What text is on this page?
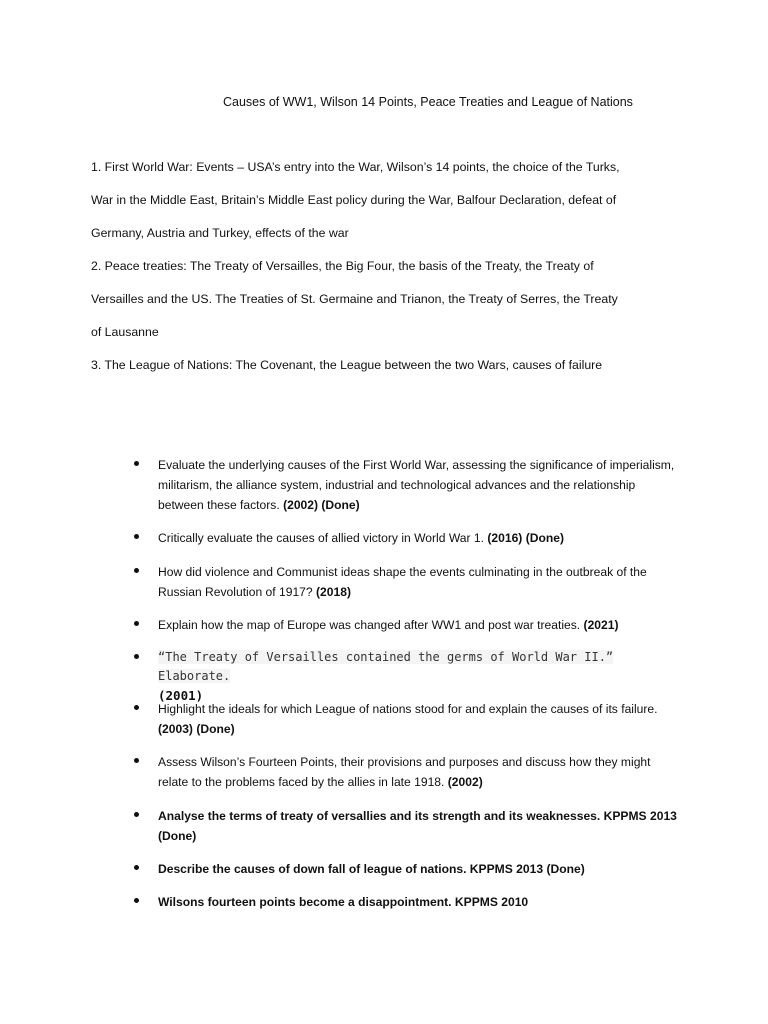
Causes of WW1, Wilson 14 Points, Peace Treaties and League of Nations
1. First World War: Events – USA’s entry into the War, Wilson’s 14 points, the choice of the Turks,
War in the Middle East, Britain’s Middle East policy during the War, Balfour Declaration, defeat of
Germany, Austria and Turkey, effects of the war
2. Peace treaties: The Treaty of Versailles, the Big Four, the basis of the Treaty, the Treaty of
Versailles and the US. The Treaties of St. Germaine and Trianon, the Treaty of Serres, the Treaty
of Lausanne
3. The League of Nations: The Covenant, the League between the two Wars, causes of failure
Evaluate the underlying causes of the First World War, assessing the significance of imperialism, militarism, the alliance system, industrial and technological advances and the relationship between these factors. (2002) (Done)
Critically evaluate the causes of allied victory in World War 1. (2016) (Done)
How did violence and Communist ideas shape the events culminating in the outbreak of the Russian Revolution of 1917? (2018)
Explain how the map of Europe was changed after WW1 and post war treaties. (2021)
“The Treaty of Versailles contained the germs of World War II.” Elaborate.
(2001)
Highlight the ideals for which League of nations stood for and explain the causes of its failure. (2003) (Done)
Assess Wilson’s Fourteen Points, their provisions and purposes and discuss how they might relate to the problems faced by the allies in late 1918. (2002)
Analyse the terms of treaty of versallies and its strength and its weaknesses. KPPMS 2013 (Done)
Describe the causes of down fall of league of nations. KPPMS 2013 (Done)
Wilsons fourteen points become a disappointment. KPPMS 2010
